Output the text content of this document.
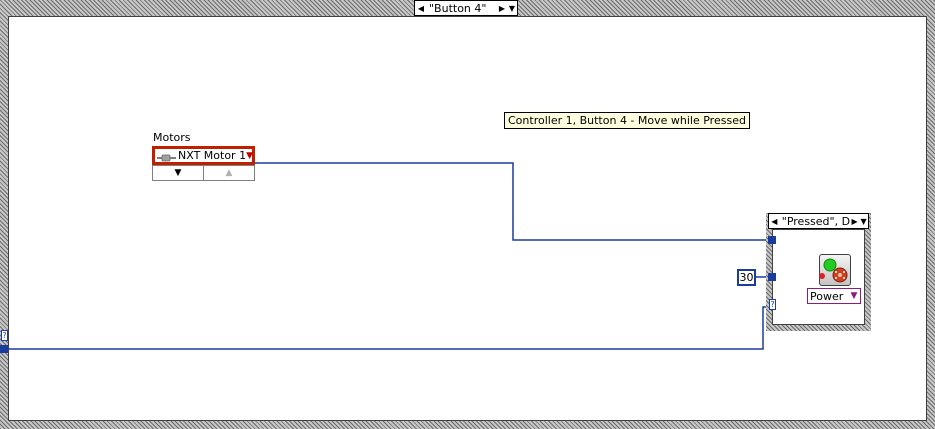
◀ "Button 4"	▶ ▼
Controller 1, Button 4 - Move while Pressed
Motors
NXT Motor 1 ▼
▼	▲
◀ "Pressed", D ▶ ▼
?
?
30
Power ▼
